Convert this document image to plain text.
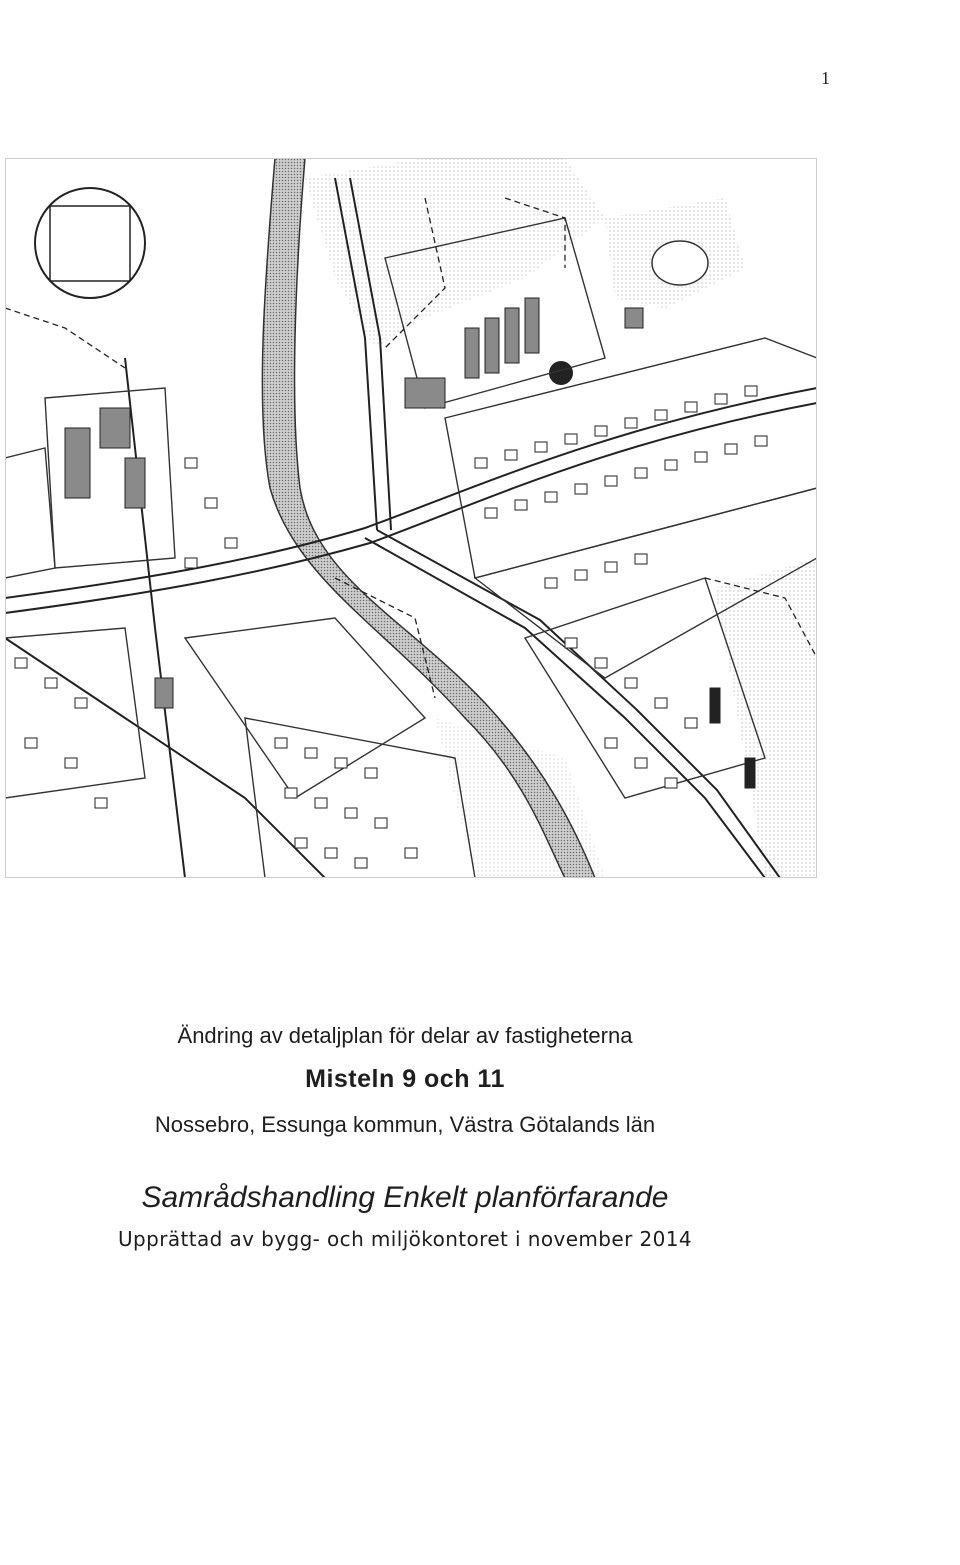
1

Ändring av detaljplan för delar av fastigheterna

Misteln 9 och 11

Nossebro, Essunga kommun, Västra Götalands län

Samrådshandling Enkelt planförfarande

Upprättad av bygg- och miljökontoret i november 2014
